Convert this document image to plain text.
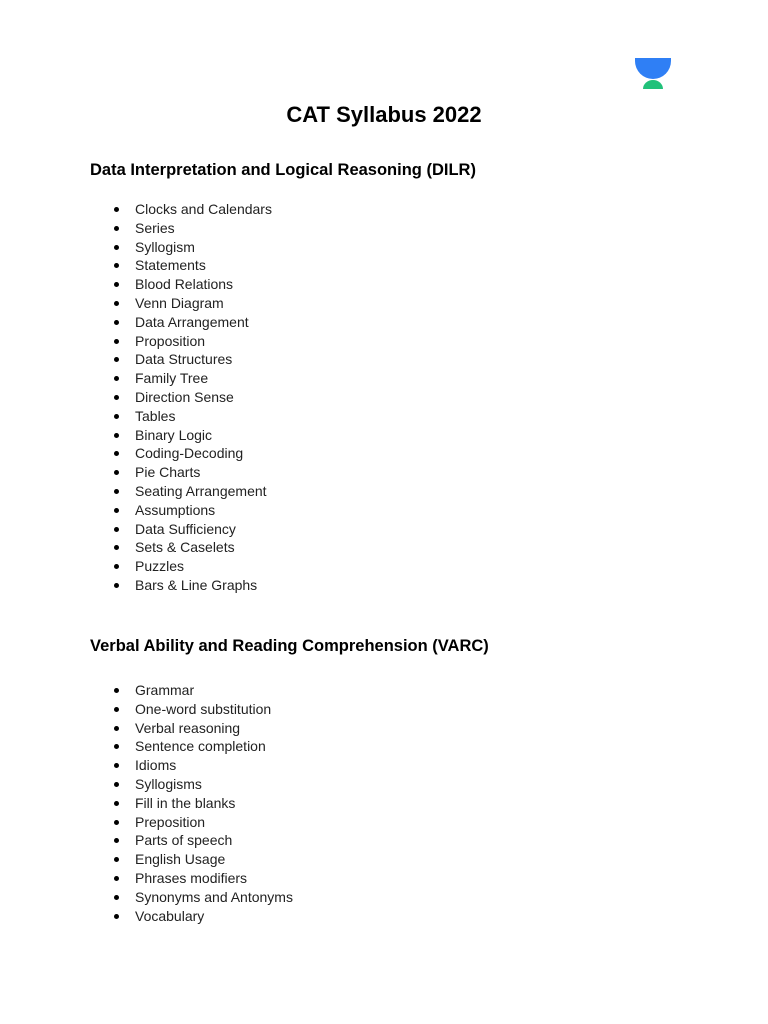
CAT Syllabus 2022
Data Interpretation and Logical Reasoning (DILR)
Clocks and Calendars
Series
Syllogism
Statements
Blood Relations
Venn Diagram
Data Arrangement
Proposition
Data Structures
Family Tree
Direction Sense
Tables
Binary Logic
Coding-Decoding
Pie Charts
Seating Arrangement
Assumptions
Data Sufficiency
Sets & Caselets
Puzzles
Bars & Line Graphs
Verbal Ability and Reading Comprehension (VARC)
Grammar
One-word substitution
Verbal reasoning
Sentence completion
Idioms
Syllogisms
Fill in the blanks
Preposition
Parts of speech
English Usage
Phrases modifiers
Synonyms and Antonyms
Vocabulary
